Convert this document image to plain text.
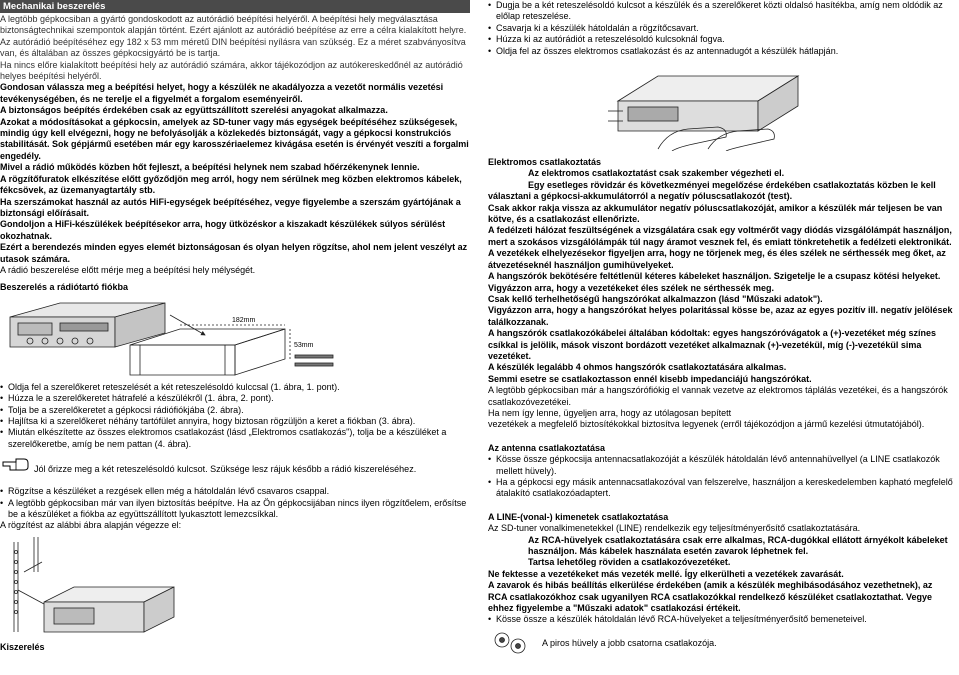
Mechanikai beszerelés

A legtöbb gépkocsiban a gyártó gondoskodott az autórádió beépítési helyéről. A beépítési hely megválasztása biztonságtechnikai szempontok alapján történt. Ezért ajánlott az autórádió beépítése az erre a célra kialakított helyre.

Az autórádió beépítéséhez egy 182 x 53 mm méretű DIN beépítési nyílásra van szükség. Ez a méret szabványosítva van, és általában az összes gépkocsigyártó be is tartja.

Ha nincs előre kialakított beépítési hely az autórádió számára, akkor tájékozódjon az autókereskedőnél az autórádió helyes beépítési helyéről.

Gondosan válassza meg a beépítési helyet, hogy a készülék ne akadályozza a vezetőt normális vezetési tevékenységében, és ne terelje el a figyelmét a forgalom eseményeiről.

A biztonságos beépítés érdekében csak az együttszállított szerelési anyagokat alkalmazza.

Azokat a módosításokat a gépkocsin, amelyek az SD-tuner vagy más egységek beépítéséhez szükségesek, mindig úgy kell elvégezni, hogy ne befolyásolják a közlekedés biztonságát, vagy a gépkocsi konstrukciós stabilitását. Sok gépjármű esetében már egy karosszériaelemez kivágása esetén is érvényét veszíti a forgalmi engedély.

Mivel a rádió működés közben hőt fejleszt, a beépítési helynek nem szabad hőérzékenynek lennie.

A rögzítőfuratok elkészítése előtt győződjön meg arról, hogy nem sérülnek meg közben elektromos kábelek, fékcsövek, az üzemanyagtartály stb.

Ha szerszámokat használ az autós HiFi-egységek beépítéséhez, vegye figyelembe a szerszám gyártójának a biztonsági előírásait.

Gondoljon a HiFi-készülékek beépítésekor arra, hogy ütközéskor a kiszakadt készülékek súlyos sérülést okozhatnak.

Ezért a berendezés minden egyes elemét biztonságosan és olyan helyen rögzítse, ahol nem jelent veszélyt az utasok számára.

A rádió beszerelése előtt mérje meg a beépítési hely mélységét.

Beszerelés a rádiótartó fiókba

182mm
53mm

• Oldja fel a szerelőkeret reteszelését a két reteszelésoldó kulccsal (1. ábra, 1. pont).

• Húzza le a szerelőkeretet hátrafelé a készülékről (1. ábra, 2. pont).

• Tolja be a szerelőkeretet a gépkocsi rádiófiókjába (2. ábra).

• Hajlítsa ki a szerelőkeret néhány tartófület annyira, hogy biztosan rögzüljön a keret a fiókban (3. ábra).

• Miután elkészítette az összes elektromos csatlakozást (lásd „Elektromos csatlakozás"), tolja be a készüléket a szerelőkeretbe, amíg be nem pattan (4. ábra).

Jól őrizze meg a két reteszelésoldó kulcsot. Szüksége lesz rájuk később a rádió kiszereléséhez.

• Rögzítse a készüléket a rezgések ellen még a hátoldalán lévő csavaros csappal.

• A legtöbb gépkocsiban már van ilyen biztosítás beépítve. Ha az Ön gépkocsijában nincs ilyen rögzítőelem, erősítse be a készüléket a fiókba az együttszállított lyukasztott lemezcsíkkal.

A rögzítést az alábbi ábra alapján végezze el:

Kiszerelés

• Dugja be a két reteszelésoldó kulcsot a készülék és a szerelőkeret közti oldalsó hasítékba, amíg nem oldódik az előlap reteszelése.

• Csavarja ki a készülék hátoldalán a rögzítőcsavart.

• Húzza ki az autórádiót a reteszelésoldó kulcsoknál fogva.

• Oldja fel az összes elektromos csatlakozást és az antennadugót a készülék hátlapján.

Elektromos csatlakoztatás

Az elektromos csatlakoztatást csak szakember végezheti el.

Egy esetleges rövidzár és következményei megelőzése érdekében csatlakoztatás közben le kell választani a gépkocsi-akkumulátorról a negatív póluscsatlakozót (test).

Csak akkor rakja vissza az akkumulátor negatív póluscsatlakozóját, amikor a készülék már teljesen be van kötve, és a csatlakozást ellenőrizte.

A fedélzeti hálózat feszültségének a vizsgálatára csak egy voltmérőt vagy diódás vizsgálólámpát használjon, mert a szokásos vizsgálólámpák túl nagy áramot vesznek fel, és emiatt tönkretehetik a fedélzeti elektronikát.

A vezetékek elhelyezésekor figyeljen arra, hogy ne törjenek meg, és éles szélek ne sérthessék meg őket, az átvezetéseknél használjon gumihüvelyeket.

A hangszórók bekötésére feltétlenül kéteres kábeleket használjon. Szigetelje le a csupasz kötési helyeket. Vigyázzon arra, hogy a vezetékeket éles szélek ne sérthessék meg.

Csak kellő terhelhetőségű hangszórókat alkalmazzon (lásd "Műszaki adatok").

Vigyázzon arra, hogy a hangszórókat helyes polaritással kösse be, azaz az egyes pozitív ill. negatív jelölések találkozzanak.

A hangszórók csatlakozókábelei általában kódoltak: egyes hangszóróvágatok a (+)-vezetéket még színes csíkkal is jelölik, mások viszont bordázott vezetéket alkalmaznak (+)-vezetékül, míg (-)-vezetékül sima vezetéket.

A készülék legalább 4 ohmos hangszórók csatlakoztatására alkalmas.

Semmi esetre se csatlakoztasson ennél kisebb impedanciájú hangszórókat.

A legtöbb gépkocsiban már a hangszórófiókig el vannak vezetve az elektromos táplálás vezetékei, és a hangszórók csatlakozóvezetékei.

Ha nem így lenne, ügyeljen arra, hogy az utólagosan bepített

vezetékek a megfelelő biztosítékokkal biztosítva legyenek (erről tájékozódjon a jármű kezelési útmutatójából).

Az antenna csatlakoztatása

• Kösse össze gépkocsija antennacsatlakozóját a készülék hátoldalán lévő antennahüvellyel (a LINE csatlakozók mellett hüvely).

• Ha a gépkocsi egy másik antennacsatlakozóval van felszerelve, használjon a kereskedelemben kapható megfelelő átalakító csatlakozóadaptert.

A LINE-(vonal-) kimenetek csatlakoztatása

Az SD-tuner vonalkimenetekkel (LINE) rendelkezik egy teljesítményerősítő csatlakoztatására.

Az RCA-hüvelyek csatlakoztatására csak erre alkalmas, RCA-dugókkal ellátott árnyékolt kábeleket használjon. Más kábelek használata esetén zavarok léphetnek fel.

Tartsa lehetőleg röviden a csatlakozóvezetéket.

Ne fektesse a vezetékeket más vezeték mellé. Így elkerülheti a vezetékek zavarását.

A zavarok és hibás beállítás elkerülése érdekében (amik a készülék meghibásodásához vezethetnek), az RCA csatlakozókhoz csak ugyanilyen RCA csatlakozókkal rendelkező készüléket csatlakoztathat. Vegye ehhez figyelembe a "Műszaki adatok" csatlakozási értékeit.

• Kösse össze a készülék hátoldalán lévő RCA-hüvelyeket a teljesítményerősítő bemeneteivel.

A piros hüvely a jobb csatorna csatlakozója.
